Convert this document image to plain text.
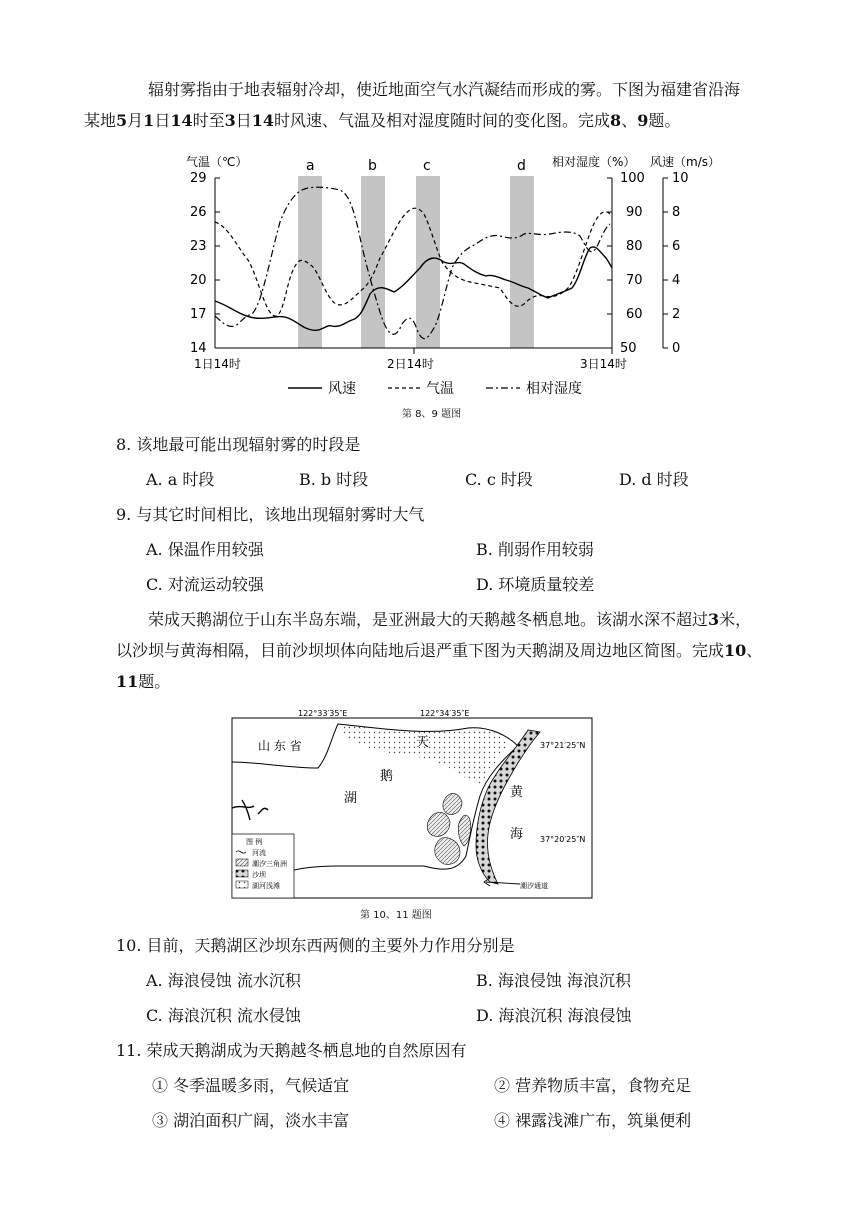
辐射雾指由于地表辐射冷却，使近地面空气水汽凝结而形成的雾。下图为福建省沿海
某地5月1日14时至3日14时风速、气温及相对湿度随时间的变化图。完成8、9题。
气温（℃）	相对湿度（%） 风速（m/s）
29
26
23
20
17
14
100
90
80
70
60
50
10
8
6
4
2
0
a	b	c	d
1日14时	2日14时	3日14时
风速	气温	相对湿度
第 8、9 题图
8. 该地最可能出现辐射雾的时段是
A. a 时段	B. b 时段	C. c 时段	D. d 时段
9. 与其它时间相比，该地出现辐射雾时大气
A. 保温作用较强	B. 削弱作用较弱
C. 对流运动较强	D. 环境质量较差
荣成天鹅湖位于山东半岛东端，是亚洲最大的天鹅越冬栖息地。该湖水深不超过3米，
以沙坝与黄海相隔，目前沙坝坝体向陆地后退严重下图为天鹅湖及周边地区简图。完成10、
11题。
122°33′35″E	122°34′35″E
37°21′25″N
37°20′25″N
潮汐通道
山 东 省	天
鹅
湖	黄
海
图 例
河流
潮汐三角洲
沙坝
湖河浅滩
第 10、11 题图
10. 目前，天鹅湖区沙坝东西两侧的主要外力作用分别是
A. 海浪侵蚀 流水沉积	B. 海浪侵蚀 海浪沉积
C. 海浪沉积 流水侵蚀	D. 海浪沉积 海浪侵蚀
11. 荣成天鹅湖成为天鹅越冬栖息地的自然原因有
① 冬季温暖多雨，气候适宜	② 营养物质丰富，食物充足
③ 湖泊面积广阔，淡水丰富	④ 裸露浅滩广布，筑巢便利
